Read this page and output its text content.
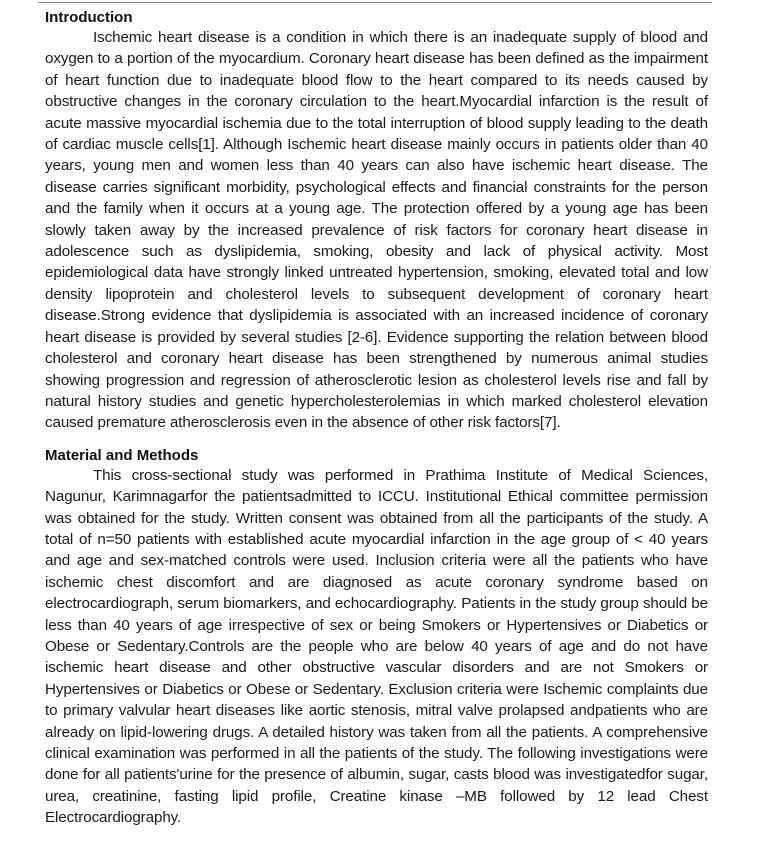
Introduction

Ischemic heart disease is a condition in which there is an inadequate supply of blood and oxygen to a portion of the myocardium. Coronary heart disease has been defined as the impairment of heart function due to inadequate blood flow to the heart compared to its needs caused by obstructive changes in the coronary circulation to the heart.Myocardial infarction is the result of acute massive myocardial ischemia due to the total interruption of blood supply leading to the death of cardiac muscle cells[1]. Although Ischemic heart disease mainly occurs in patients older than 40 years, young men and women less than 40 years can also have ischemic heart disease. The disease carries significant morbidity, psychological effects and financial constraints for the person and the family when it occurs at a young age. The protection offered by a young age has been slowly taken away by the increased prevalence of risk factors for coronary heart disease in adolescence such as dyslipidemia, smoking, obesity and lack of physical activity. Most epidemiological data have strongly linked untreated hypertension, smoking, elevated total and low density lipoprotein and cholesterol levels to subsequent development of coronary heart disease.Strong evidence that dyslipidemia is associated with an increased incidence of coronary heart disease is provided by several studies [2-6]. Evidence supporting the relation between blood cholesterol and coronary heart disease has been strengthened by numerous animal studies showing progression and regression of atherosclerotic lesion as cholesterol levels rise and fall by natural history studies and genetic hypercholesterolemias in which marked cholesterol elevation caused premature atherosclerosis even in the absence of other risk factors[7].

Material and Methods

This cross-sectional study was performed in Prathima Institute of Medical Sciences, Nagunur, Karimnagarfor the patientsadmitted to ICCU. Institutional Ethical committee permission was obtained for the study. Written consent was obtained from all the participants of the study. A total of n=50 patients with established acute myocardial infarction in the age group of < 40 years and age and sex-matched controls were used. Inclusion criteria were all the patients who have ischemic chest discomfort and are diagnosed as acute coronary syndrome based on electrocardiograph, serum biomarkers, and echocardiography. Patients in the study group should be less than 40 years of age irrespective of sex or being Smokers or Hypertensives or Diabetics or Obese or Sedentary.Controls are the people who are below 40 years of age and do not have ischemic heart disease and other obstructive vascular disorders and are not Smokers or Hypertensives or Diabetics or Obese or Sedentary. Exclusion criteria were Ischemic complaints due to primary valvular heart diseases like aortic stenosis, mitral valve prolapsed andpatients who are already on lipid-lowering drugs. A detailed history was taken from all the patients. A comprehensive clinical examination was performed in all the patients of the study. The following investigations were done for all patients'urine for the presence of albumin, sugar, casts blood was investigatedfor sugar, urea, creatinine, fasting lipid profile, Creatine kinase –MB followed by 12 lead Chest Electrocardiography.
